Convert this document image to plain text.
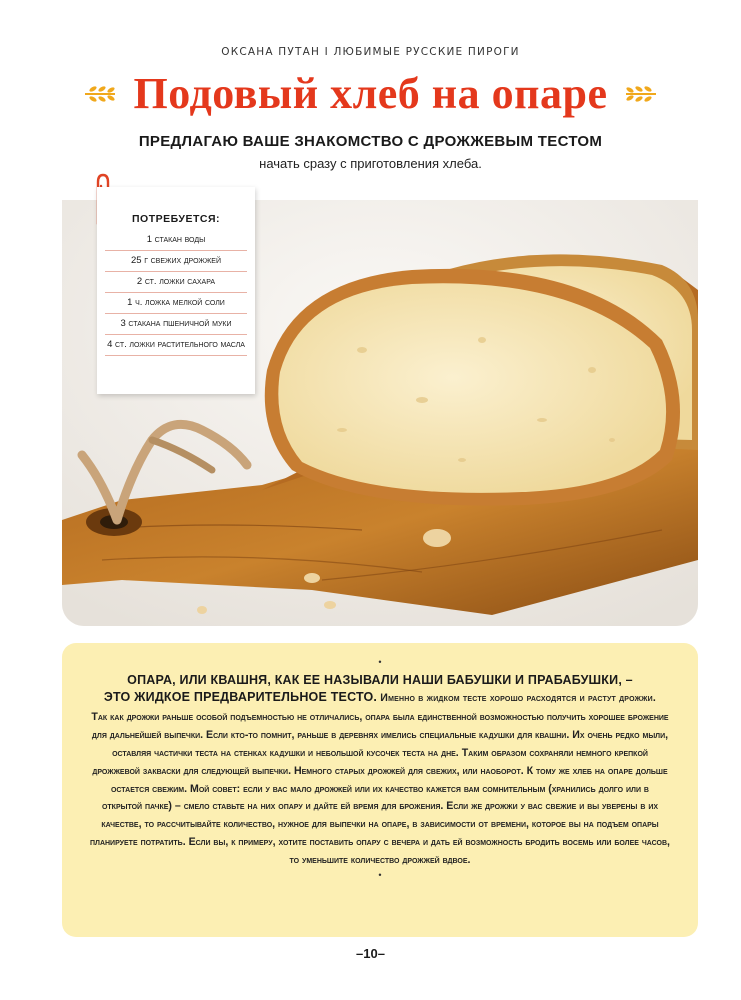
ОКСАНА ПУТАН I ЛЮБИМЫЕ РУССКИЕ ПИРОГИ
Подовый хлеб на опаре
ПРЕДЛАГАЮ ВАШЕ ЗНАКОМСТВО С ДРОЖЖЕВЫМ ТЕСТОМ
начать сразу с приготовления хлеба.
ПОТРЕБУЕТСЯ:
1 стакан воды
25 г свежих дрожжей
2 ст. ложки сахара
1 ч. ложка мелкой соли
3 стакана пшеничной муки
4 ст. ложки растительного масла
•
ОПАРА, ИЛИ КВАШНЯ, КАК ЕЕ НАЗЫВАЛИ НАШИ БАБУШКИ И ПРАБАБУШКИ, –
ЭТО ЖИДКОЕ ПРЕДВАРИТЕЛЬНОЕ ТЕСТО. Именно в жидком тесте хорошо расходятся и растут дрожжи.
Так как дрожжи раньше особой подъемностью не отличались, опара была единственной возможностью получить хорошее брожение для дальнейшей выпечки. Если кто-то помнит, раньше в деревнях имелись специальные кадушки для квашни. Их очень редко мыли, оставляя частички теста на стенках кадушки и небольшой кусочек теста на дне. Таким образом сохраняли немного крепкой дрожжевой закваски для следующей выпечки. Немного старых дрожжей для свежих, или наоборот. К тому же хлеб на опаре дольше остается свежим. Мой совет: если у вас мало дрожжей или их качество кажется вам сомнительным (хранились долго или в открытой пачке) – смело ставьте на них опару и дайте ей время для брожения. Если же дрожжи у вас свежие и вы уверены в их качестве, то рассчитывайте количество, нужное для выпечки на опаре, в зависимости от времени, которое вы на подъем опары планируете потратить. Если вы, к примеру, хотите поставить опару с вечера и дать ей возможность бродить восемь или более часов, то уменьшите количество дрожжей вдвое.
•
–10–
